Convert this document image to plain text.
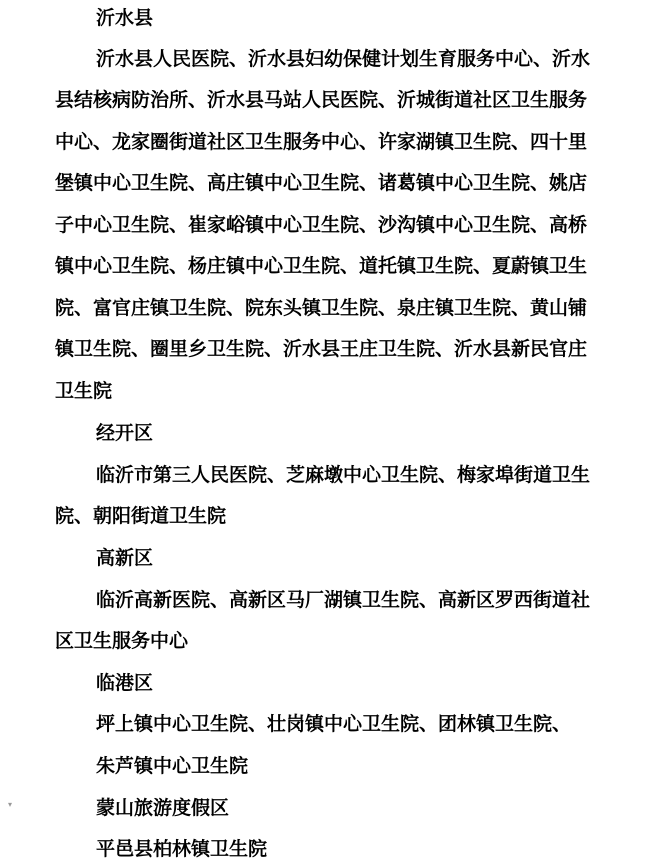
沂水县
沂水县人民医院、沂水县妇幼保健计划生育服务中心、沂水
县结核病防治所、沂水县马站人民医院、沂城街道社区卫生服务
中心、龙家圈街道社区卫生服务中心、许家湖镇卫生院、四十里
堡镇中心卫生院、高庄镇中心卫生院、诸葛镇中心卫生院、姚店
子中心卫生院、崔家峪镇中心卫生院、沙沟镇中心卫生院、高桥
镇中心卫生院、杨庄镇中心卫生院、道托镇卫生院、夏蔚镇卫生
院、富官庄镇卫生院、院东头镇卫生院、泉庄镇卫生院、黄山铺
镇卫生院、圈里乡卫生院、沂水县王庄卫生院、沂水县新民官庄
卫生院
经开区
临沂市第三人民医院、芝麻墩中心卫生院、梅家埠街道卫生
院、朝阳街道卫生院
高新区
临沂高新医院、高新区马厂湖镇卫生院、高新区罗西街道社
区卫生服务中心
临港区
坪上镇中心卫生院、壮岗镇中心卫生院、团林镇卫生院、
朱芦镇中心卫生院
蒙山旅游度假区
平邑县柏林镇卫生院
▾
